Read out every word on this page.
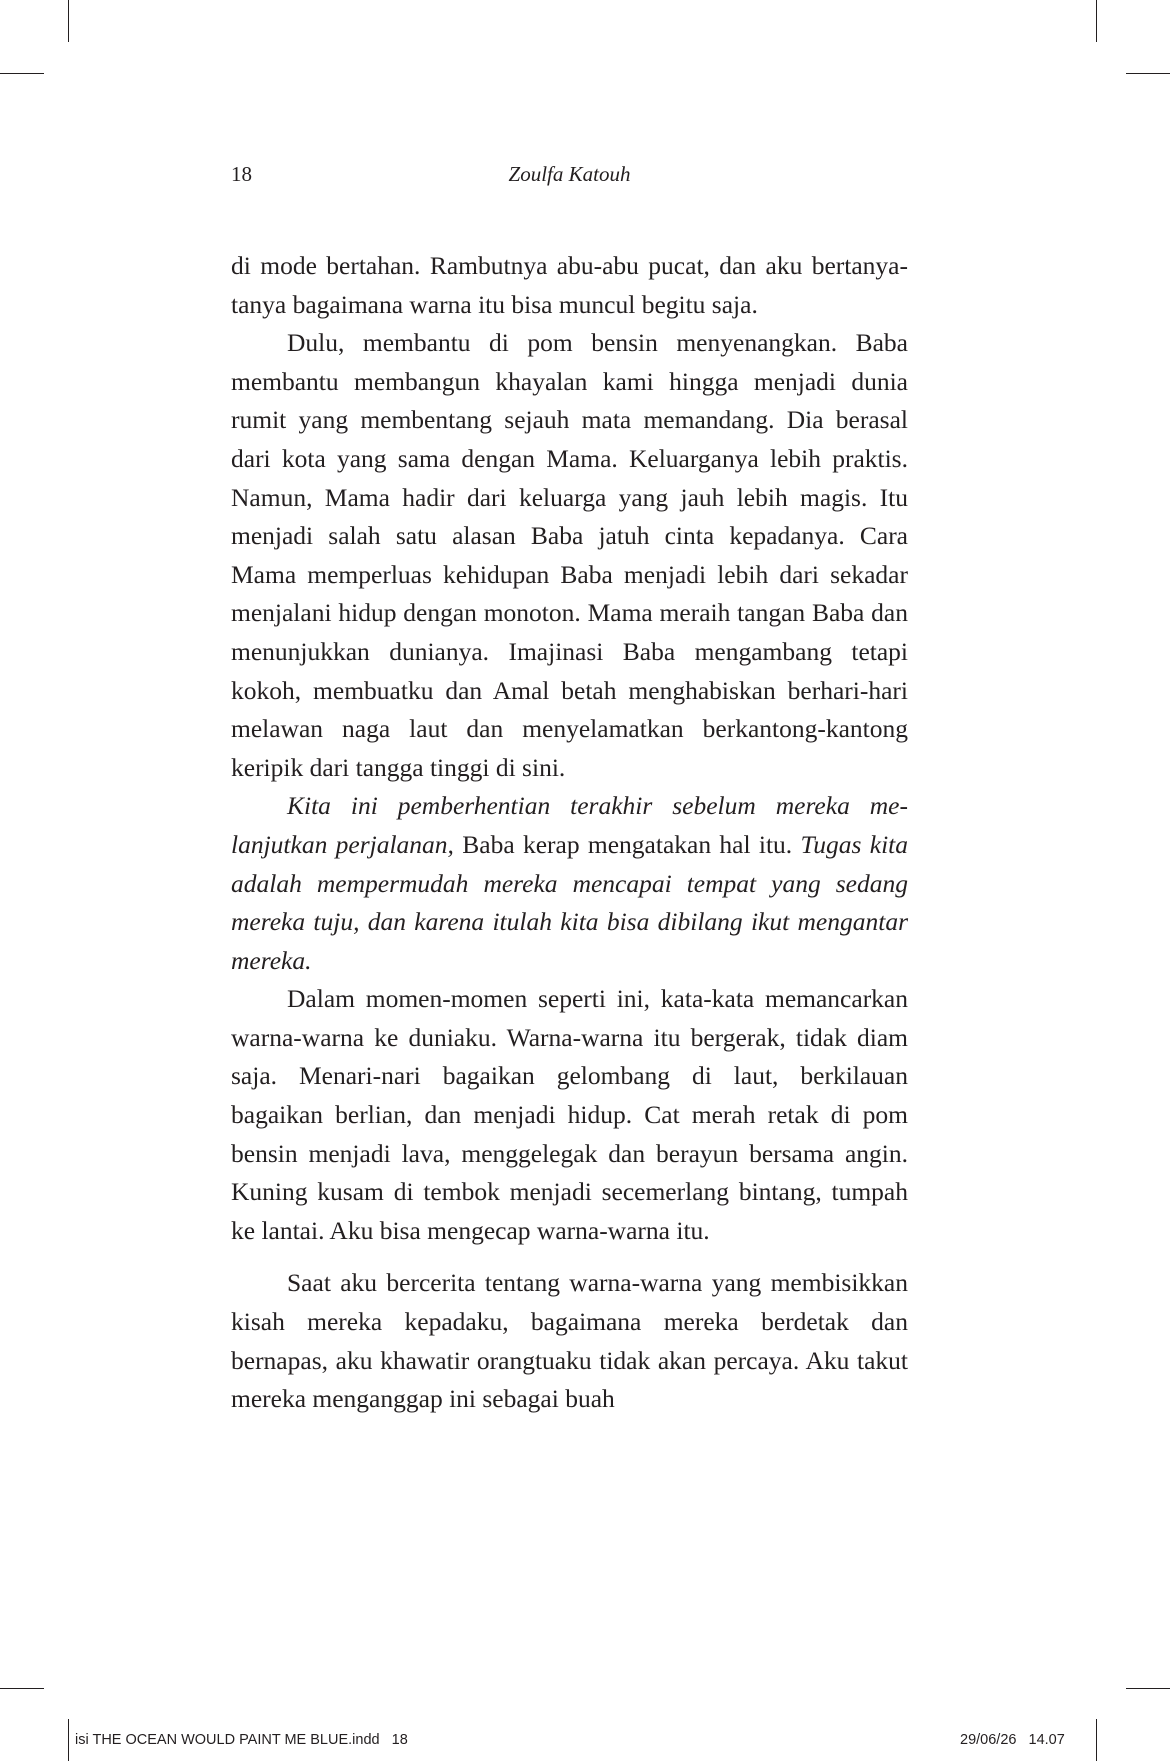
18	Zoulfa Katouh

di mode bertahan. Rambutnya abu-abu pucat, dan aku bertanya-tanya bagaimana warna itu bisa muncul begitu saja.

Dulu, membantu di pom bensin menyenangkan. Baba membantu membangun khayalan kami hingga menjadi dunia rumit yang membentang sejauh mata memandang. Dia berasal dari kota yang sama dengan Mama. Keluarganya lebih praktis. Namun, Mama hadir dari keluarga yang jauh lebih magis. Itu menjadi salah satu alasan Baba jatuh cinta kepadanya. Cara Mama memperluas kehidupan Baba menjadi lebih dari sekadar menjalani hidup dengan monoton. Mama meraih tangan Baba dan menunjukkan dunianya. Imajinasi Baba mengambang tetapi kokoh, membuatku dan Amal betah menghabiskan berhari-hari melawan naga laut dan menyelamatkan berkantong-kantong keripik dari tangga tinggi di sini.

Kita ini pemberhentian terakhir sebelum mereka melanjutkan perjalanan, Baba kerap mengatakan hal itu. Tugas kita adalah mempermudah mereka mencapai tempat yang sedang mereka tuju, dan karena itulah kita bisa dibilang ikut mengantar mereka.

Dalam momen-momen seperti ini, kata-kata memancarkan warna-warna ke duniaku. Warna-warna itu bergerak, tidak diam saja. Menari-nari bagaikan gelombang di laut, berkilauan bagaikan berlian, dan menjadi hidup. Cat merah retak di pom bensin menjadi lava, menggelegak dan berayun bersama angin. Kuning kusam di tembok menjadi secemerlang bintang, tumpah ke lantai. Aku bisa mengecap warna-warna itu.

Saat aku bercerita tentang warna-warna yang membisikkan kisah mereka kepadaku, bagaimana mereka berdetak dan bernapas, aku khawatir orangtuaku tidak akan percaya. Aku takut mereka menganggap ini sebagai buah

isi THE OCEAN WOULD PAINT ME BLUE.indd   18	29/06/26   14.07
